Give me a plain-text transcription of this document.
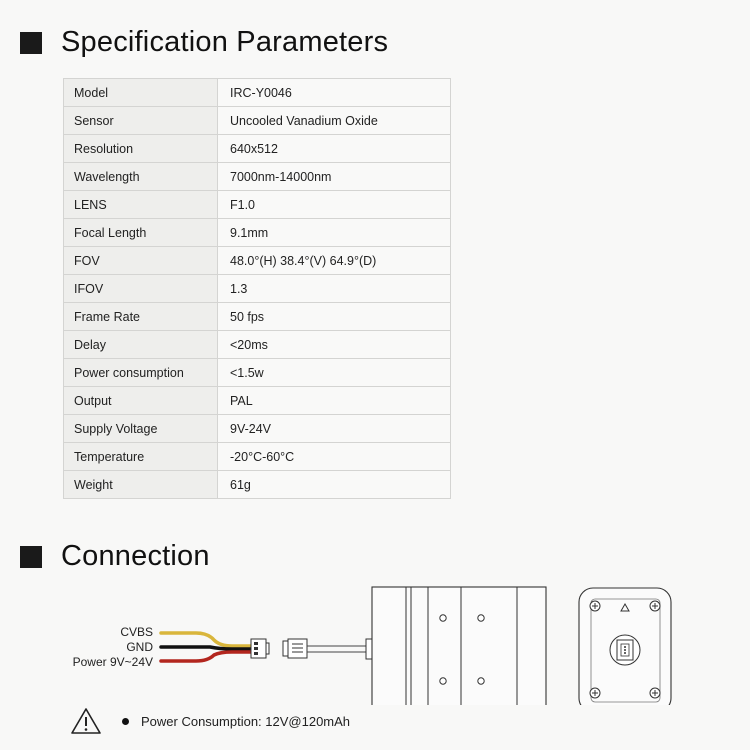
Specification Parameters
Model	IRC-Y0046
Sensor	Uncooled Vanadium Oxide
Resolution	640x512
Wavelength	7000nm-14000nm
LENS	F1.0
Focal Length	9.1mm
FOV	48.0°(H) 38.4°(V) 64.9°(D)
IFOV	1.3
Frame Rate	50 fps
Delay	<20ms
Power consumption	<1.5w
Output	PAL
Supply Voltage	9V-24V
Temperature	-20°C-60°C
Weight	61g
Connection
CVBS
GND
Power 9V~24V
Power Consumption: 12V@120mAh
